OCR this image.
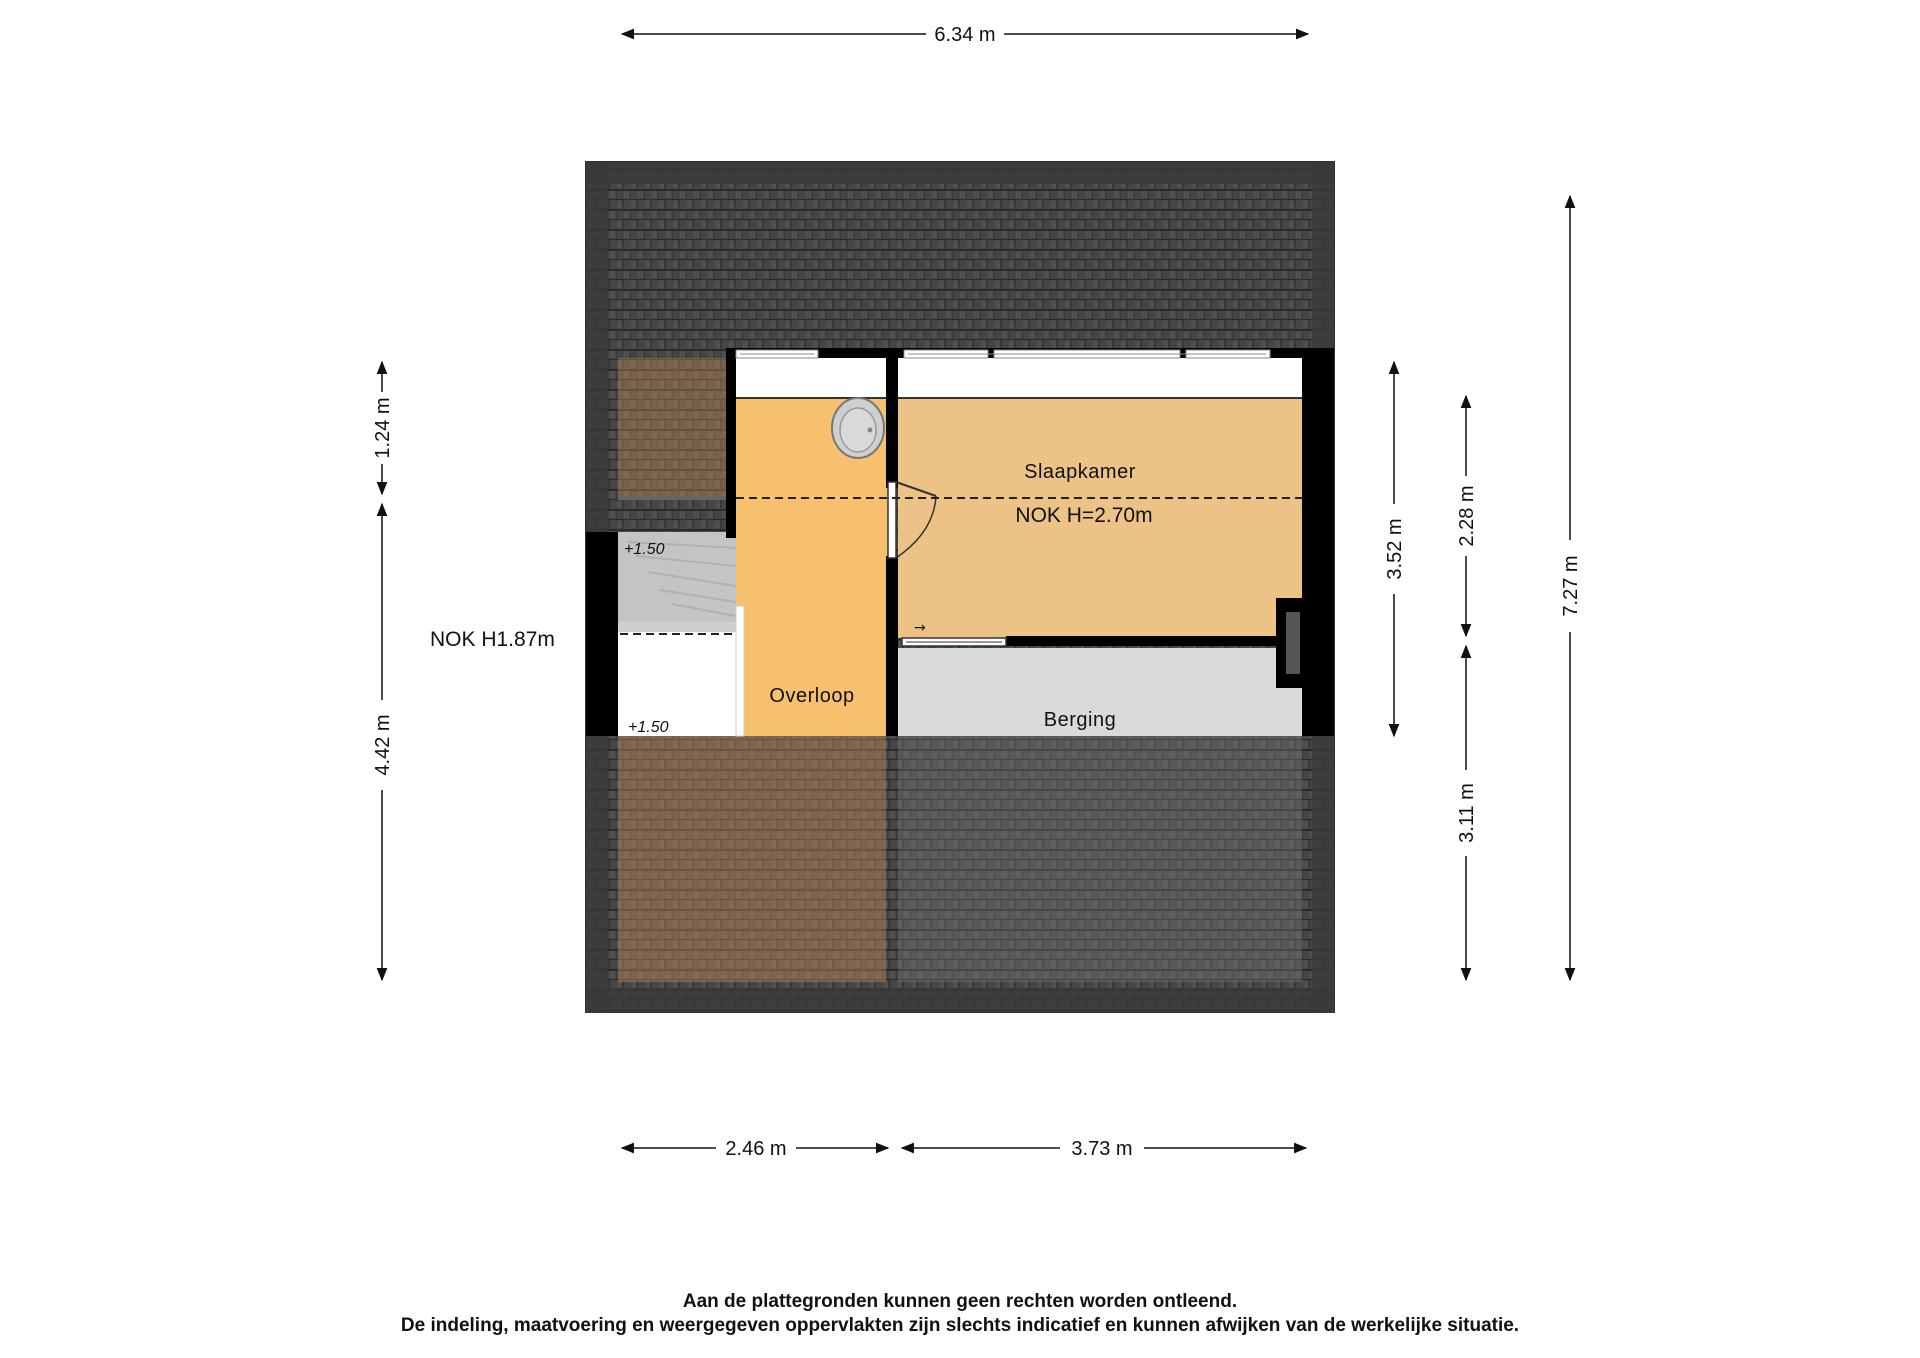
→
Slaapkamer
NOK H=2.70m
Overloop
Berging
+1.50
+1.50
NOK H1.87m
6.34 m
2.46 m	3.73 m
1.24 m
4.42 m
3.52 m
2.28 m
3.11 m
7.27 m
Aan de plattegronden kunnen geen rechten worden ontleend.
De indeling, maatvoering en weergegeven oppervlakten zijn slechts indicatief en kunnen afwijken van de werkelijke situatie.
